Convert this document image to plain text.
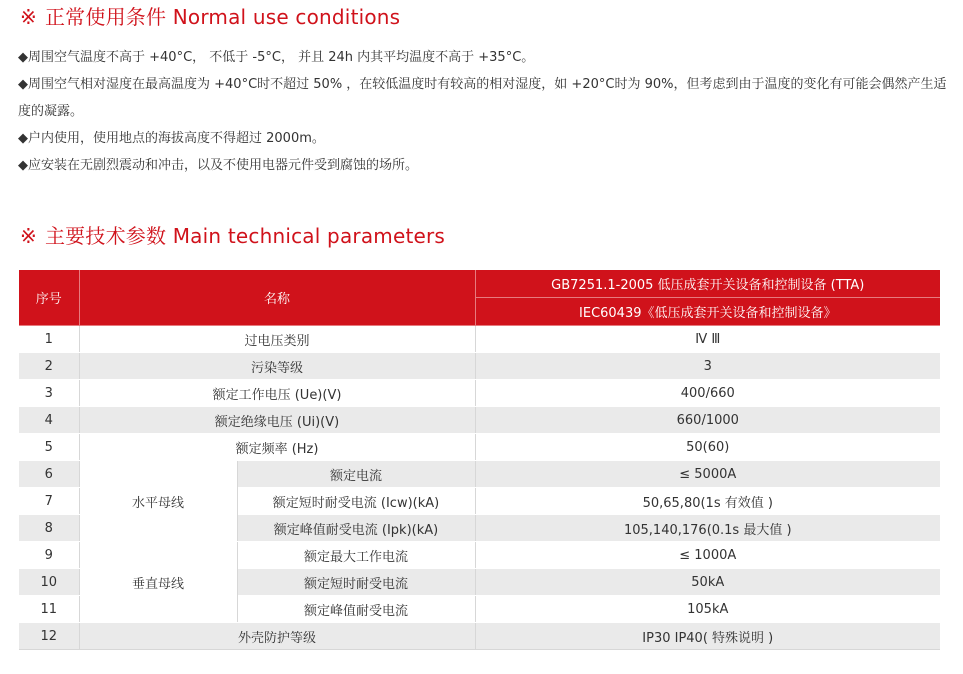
※ 正常使用条件 Normal use conditions
◆周围空气温度不高于 +40°C， 不低于 -5°C， 并且 24h 内其平均温度不高于 +35°C。
◆周围空气相对湿度在最高温度为 +40°C时不超过 50% ，在较低温度时有较高的相对湿度，如 +20°C时为 90%，但考虑到由于温度的变化有可能会偶然产生适度的凝露。
◆户内使用，使用地点的海拔高度不得超过 2000m。
◆应安装在无剧烈震动和冲击，以及不使用电器元件受到腐蚀的场所。
※ 主要技术参数 Main technical parameters
序号	名称		GB7251.1-2005 低压成套开关设备和控制设备 (TTA)
			IEC60439《低压成套开关设备和控制设备》
1	过电压类别		Ⅳ Ⅲ
2	污染等级		3
3	额定工作电压 (Ue)(V)		400/660
4	额定绝缘电压 (Ui)(V)		660/1000
5	额定频率 (Hz)		50(60)
6	水平母线	额定电流	≤ 5000A
7		额定短时耐受电流 (Icw)(kA)	50,65,80(1s 有效值 )
8		额定峰值耐受电流 (Ipk)(kA)	105,140,176(0.1s 最大值 )
9	垂直母线	额定最大工作电流	≤ 1000A
10		额定短时耐受电流	50kA
11		额定峰值耐受电流	105kA
12	外壳防护等级		IP30 IP40( 特殊说明 )
